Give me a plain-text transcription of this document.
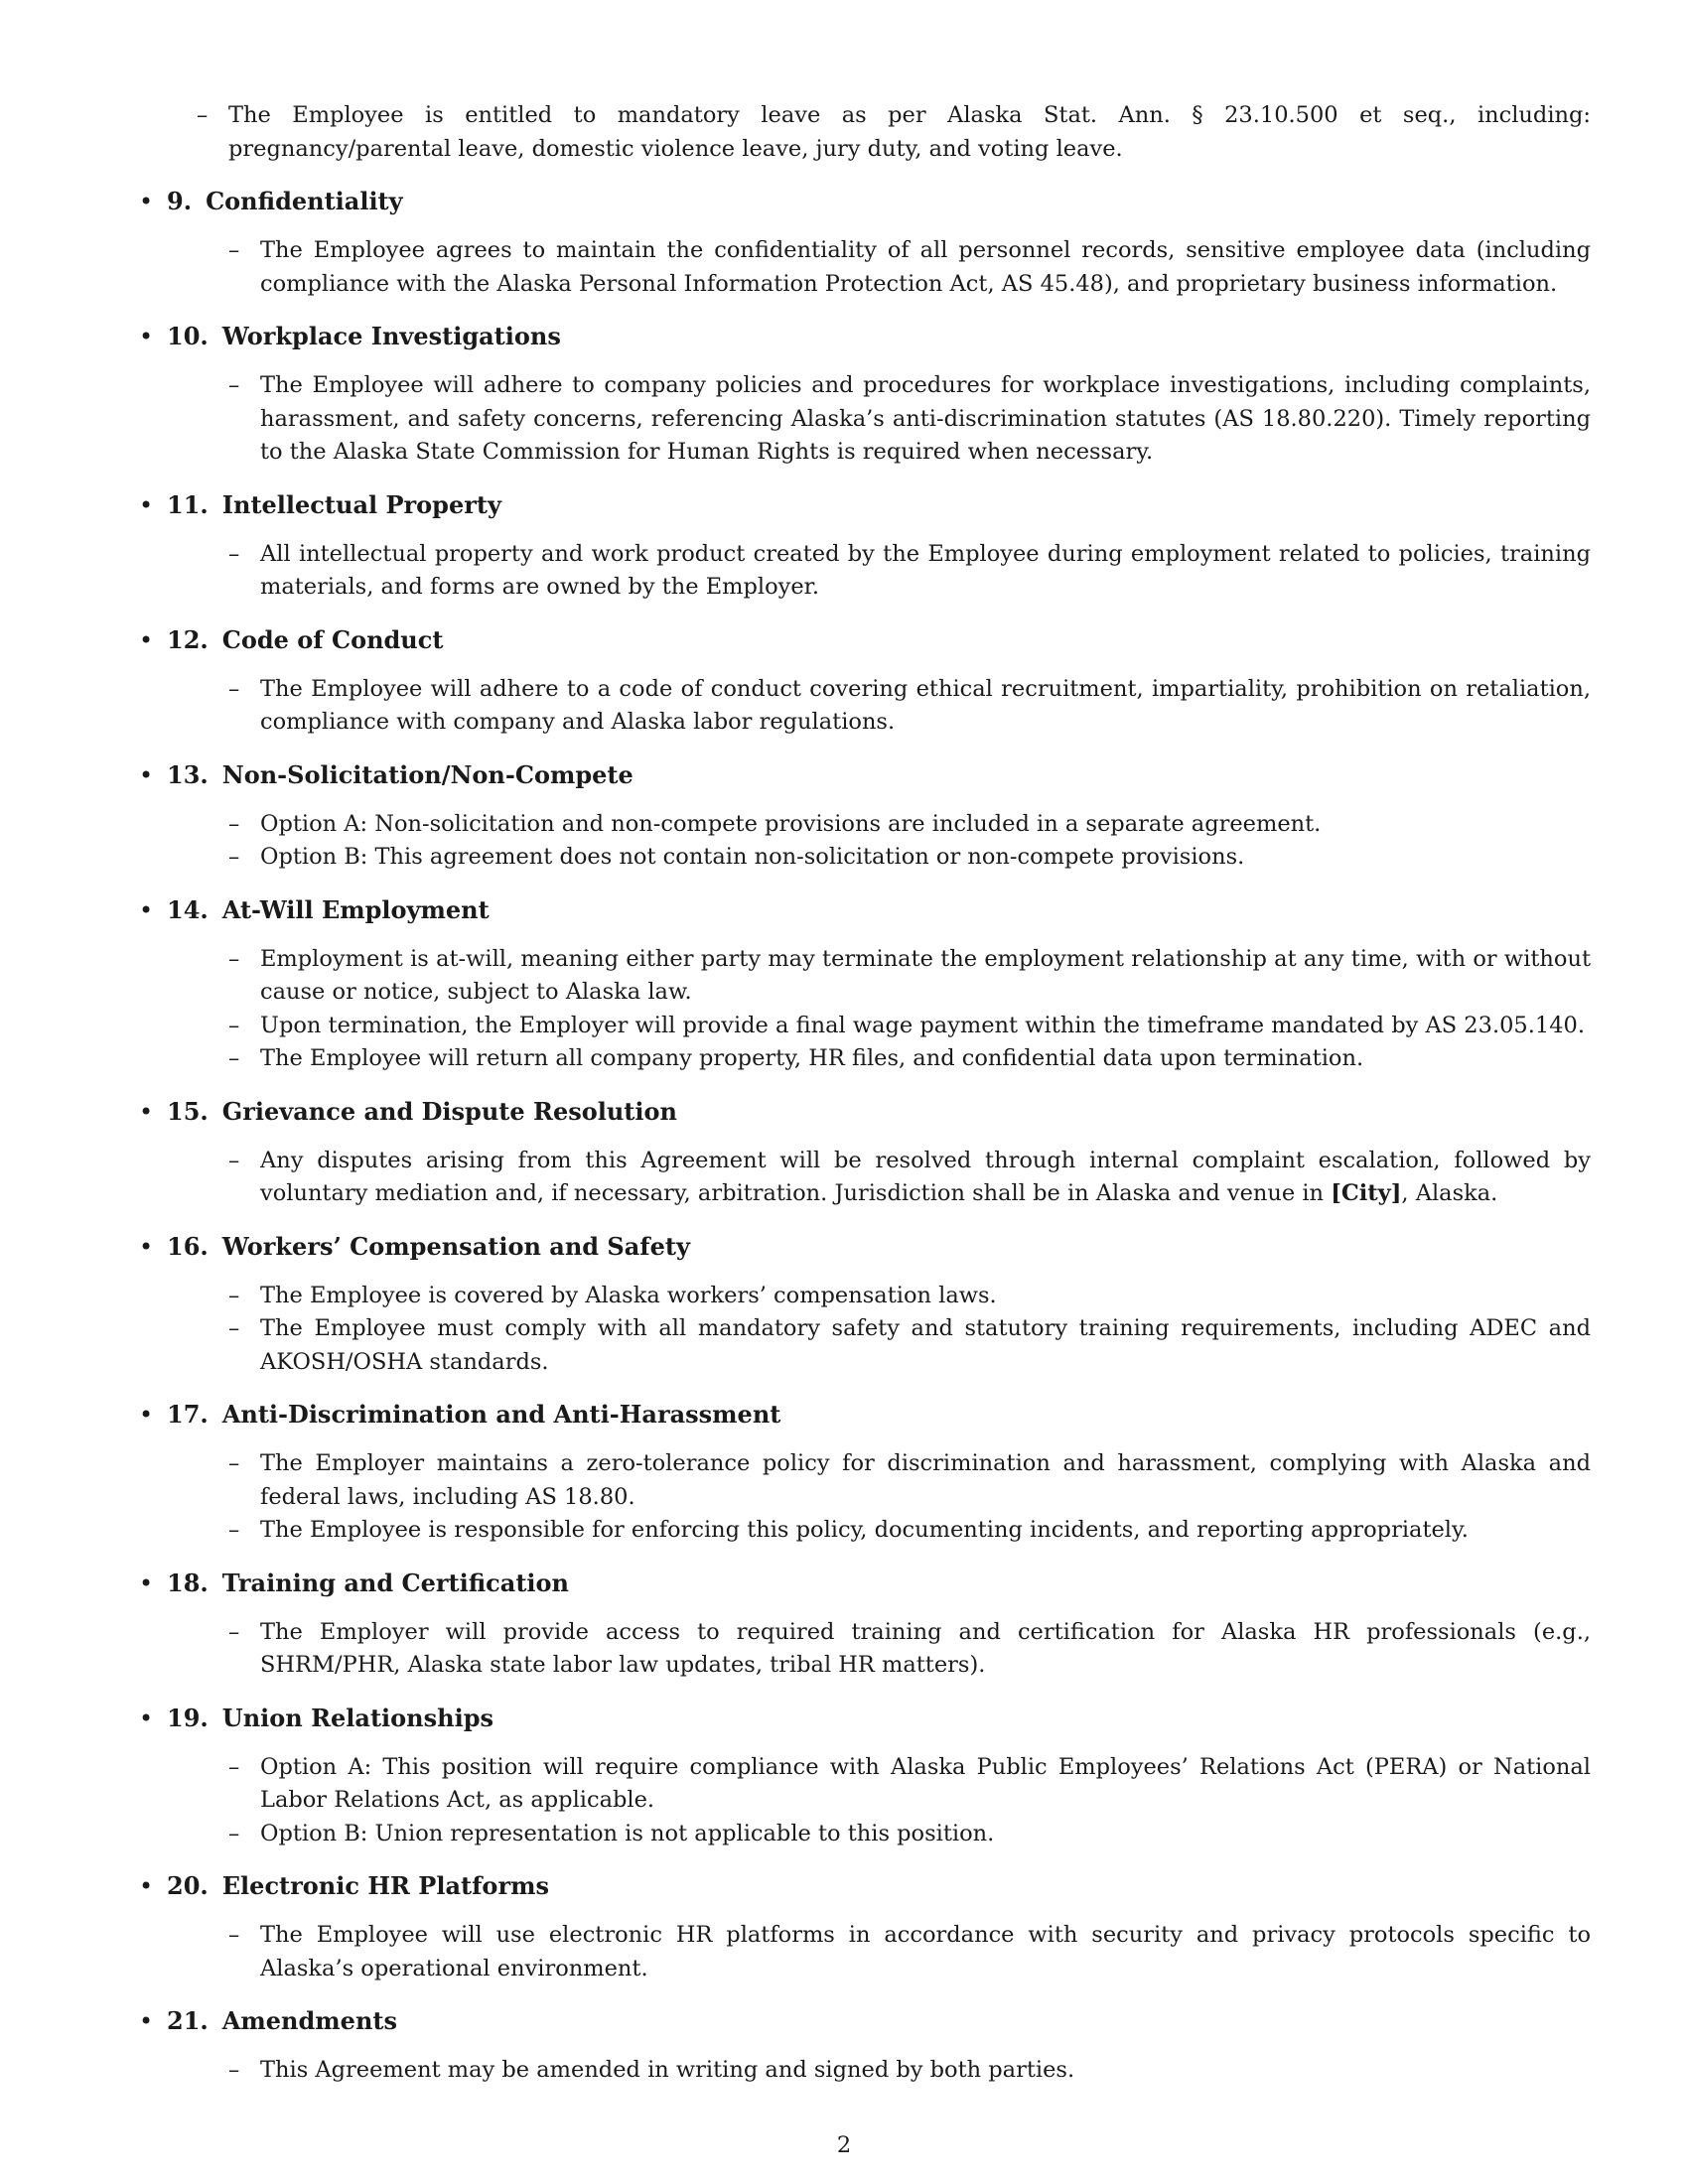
– The Employee is entitled to mandatory leave as per Alaska Stat. Ann. § 23.10.500 et seq., including: pregnancy/parental leave, domestic violence leave, jury duty, and voting leave.
• 9. Confidentiality
– The Employee agrees to maintain the confidentiality of all personnel records, sensitive employee data (including compliance with the Alaska Personal Information Protection Act, AS 45.48), and proprietary business information.
• 10. Workplace Investigations
– The Employee will adhere to company policies and procedures for workplace investigations, including complaints, harassment, and safety concerns, referencing Alaska’s anti-discrimination statutes (AS 18.80.220). Timely reporting to the Alaska State Commission for Human Rights is required when necessary.
• 11. Intellectual Property
– All intellectual property and work product created by the Employee during employment related to policies, training materials, and forms are owned by the Employer.
• 12. Code of Conduct
– The Employee will adhere to a code of conduct covering ethical recruitment, impartiality, prohibition on retaliation, compliance with company and Alaska labor regulations.
• 13. Non-Solicitation/Non-Compete
– Option A: Non-solicitation and non-compete provisions are included in a separate agreement.
– Option B: This agreement does not contain non-solicitation or non-compete provisions.
• 14. At-Will Employment
– Employment is at-will, meaning either party may terminate the employment relationship at any time, with or without cause or notice, subject to Alaska law.
– Upon termination, the Employer will provide a final wage payment within the timeframe mandated by AS 23.05.140.
– The Employee will return all company property, HR files, and confidential data upon termination.
• 15. Grievance and Dispute Resolution
– Any disputes arising from this Agreement will be resolved through internal complaint escalation, followed by voluntary mediation and, if necessary, arbitration. Jurisdiction shall be in Alaska and venue in [City], Alaska.
• 16. Workers’ Compensation and Safety
– The Employee is covered by Alaska workers’ compensation laws.
– The Employee must comply with all mandatory safety and statutory training requirements, including ADEC and AKOSH/OSHA standards.
• 17. Anti-Discrimination and Anti-Harassment
– The Employer maintains a zero-tolerance policy for discrimination and harassment, complying with Alaska and federal laws, including AS 18.80.
– The Employee is responsible for enforcing this policy, documenting incidents, and reporting appropriately.
• 18. Training and Certification
– The Employer will provide access to required training and certification for Alaska HR professionals (e.g., SHRM/PHR, Alaska state labor law updates, tribal HR matters).
• 19. Union Relationships
– Option A: This position will require compliance with Alaska Public Employees’ Relations Act (PERA) or National Labor Relations Act, as applicable.
– Option B: Union representation is not applicable to this position.
• 20. Electronic HR Platforms
– The Employee will use electronic HR platforms in accordance with security and privacy protocols specific to Alaska’s operational environment.
• 21. Amendments
– This Agreement may be amended in writing and signed by both parties.
2
